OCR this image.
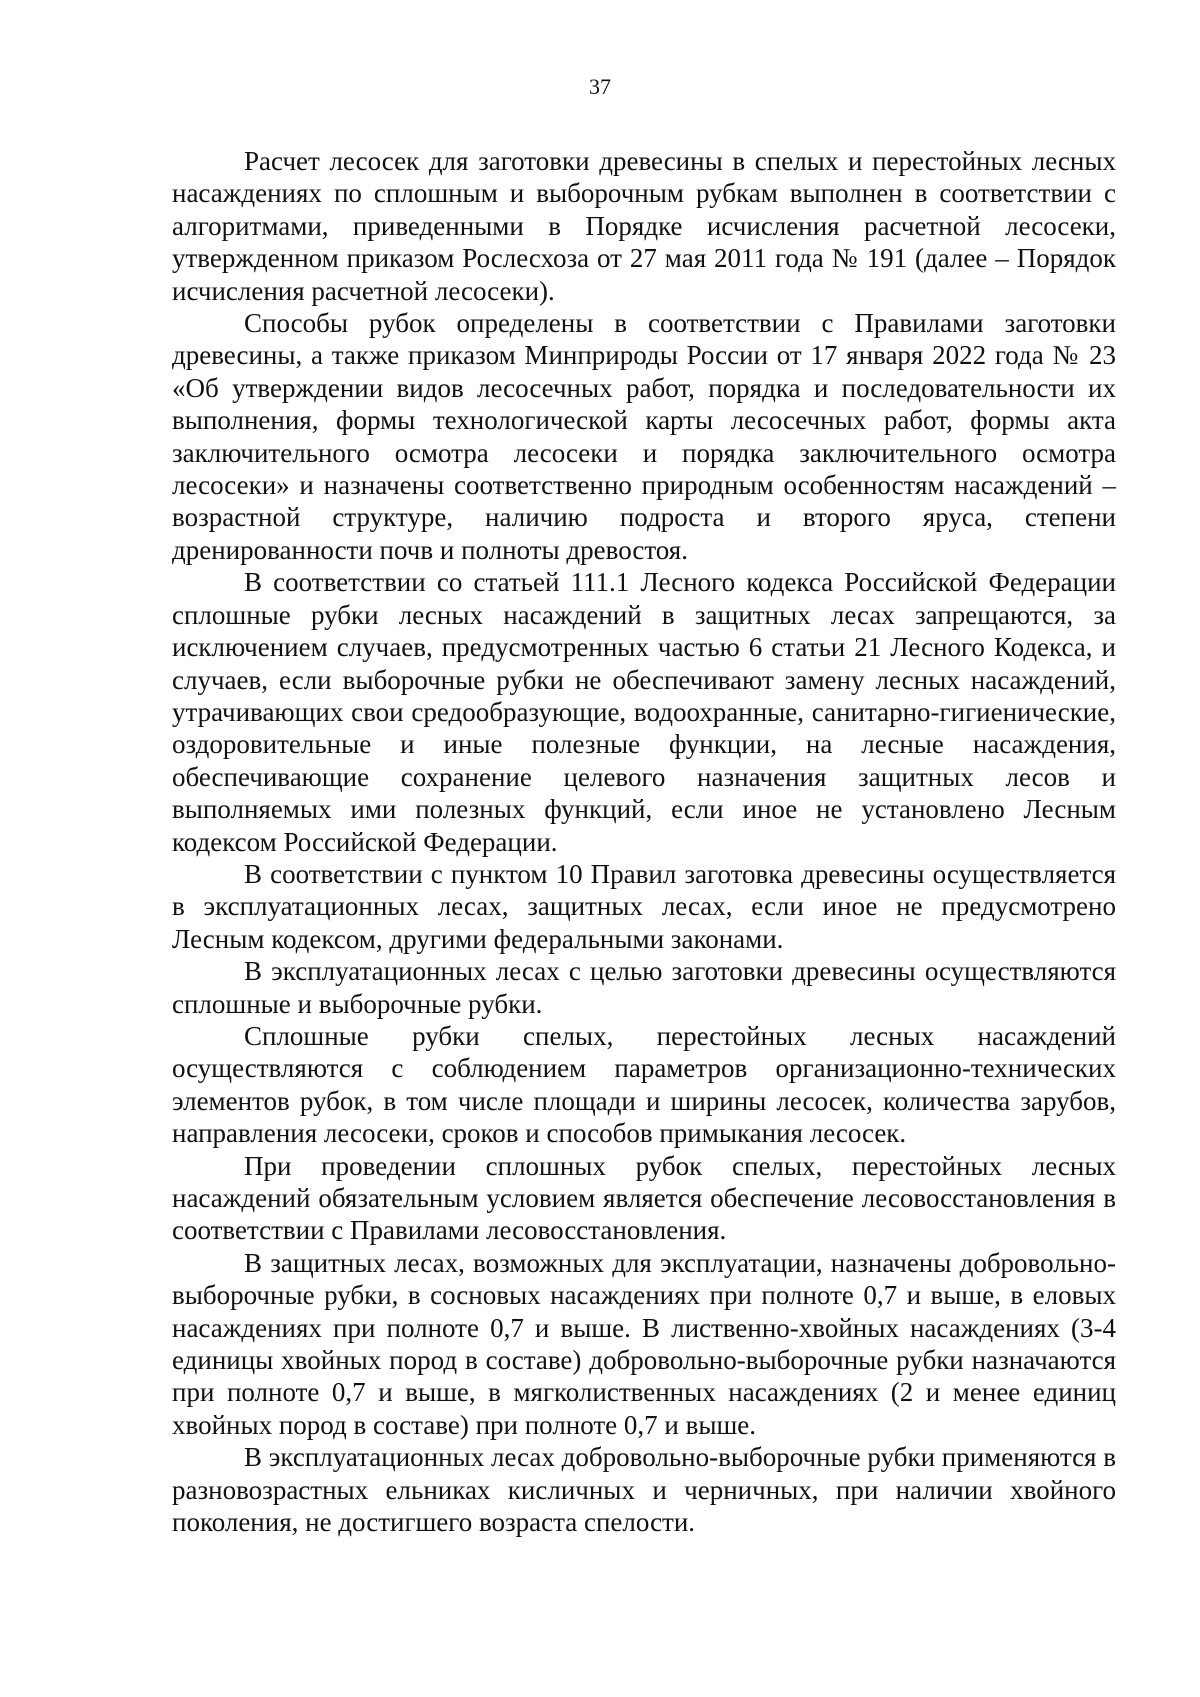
37

Расчет лесосек для заготовки древесины в спелых и перестойных лесных насаждениях по сплошным и выборочным рубкам выполнен в соответствии с алгоритмами, приведенными в Порядке исчисления расчетной лесосеки, утвержденном приказом Рослесхоза от 27 мая 2011 года № 191 (далее – Порядок исчисления расчетной лесосеки).

Способы рубок определены в соответствии с Правилами заготовки древесины, а также приказом Минприроды России от 17 января 2022 года № 23 «Об утверждении видов лесосечных работ, порядка и последовательности их выполнения, формы технологической карты лесосечных работ, формы акта заключительного осмотра лесосеки и порядка заключительного осмотра лесосеки» и назначены соответственно природным особенностям насаждений – возрастной структуре, наличию подроста и второго яруса, степени дренированности почв и полноты древостоя.

В соответствии со статьей 111.1 Лесного кодекса Российской Федерации сплошные рубки лесных насаждений в защитных лесах запрещаются, за исключением случаев, предусмотренных частью 6 статьи 21 Лесного Кодекса, и случаев, если выборочные рубки не обеспечивают замену лесных насаждений, утрачивающих свои средообразующие, водоохранные, санитарно-гигиенические, оздоровительные и иные полезные функции, на лесные насаждения, обеспечивающие сохранение целевого назначения защитных лесов и выполняемых ими полезных функций, если иное не установлено Лесным кодексом Российской Федерации.

В соответствии с пунктом 10 Правил заготовка древесины осуществляется в эксплуатационных лесах, защитных лесах, если иное не предусмотрено Лесным кодексом, другими федеральными законами.

В эксплуатационных лесах с целью заготовки древесины осуществляются сплошные и выборочные рубки.

Сплошные рубки спелых, перестойных лесных насаждений осуществляются с соблюдением параметров организационно-технических элементов рубок, в том числе площади и ширины лесосек, количества зарубов, направления лесосеки, сроков и способов примыкания лесосек.

При проведении сплошных рубок спелых, перестойных лесных насаждений обязательным условием является обеспечение лесовосстановления в соответствии с Правилами лесовосстановления.

В защитных лесах, возможных для эксплуатации, назначены добровольно-выборочные рубки, в сосновых насаждениях при полноте 0,7 и выше, в еловых насаждениях при полноте 0,7 и выше. В лиственно-хвойных насаждениях (3-4 единицы хвойных пород в составе) добровольно-выборочные рубки назначаются при полноте 0,7 и выше, в мягколиственных насаждениях (2 и менее единиц хвойных пород в составе) при полноте 0,7 и выше.

В эксплуатационных лесах добровольно-выборочные рубки применяются в разновозрастных ельниках кисличных и черничных, при наличии хвойного поколения, не достигшего возраста спелости.
